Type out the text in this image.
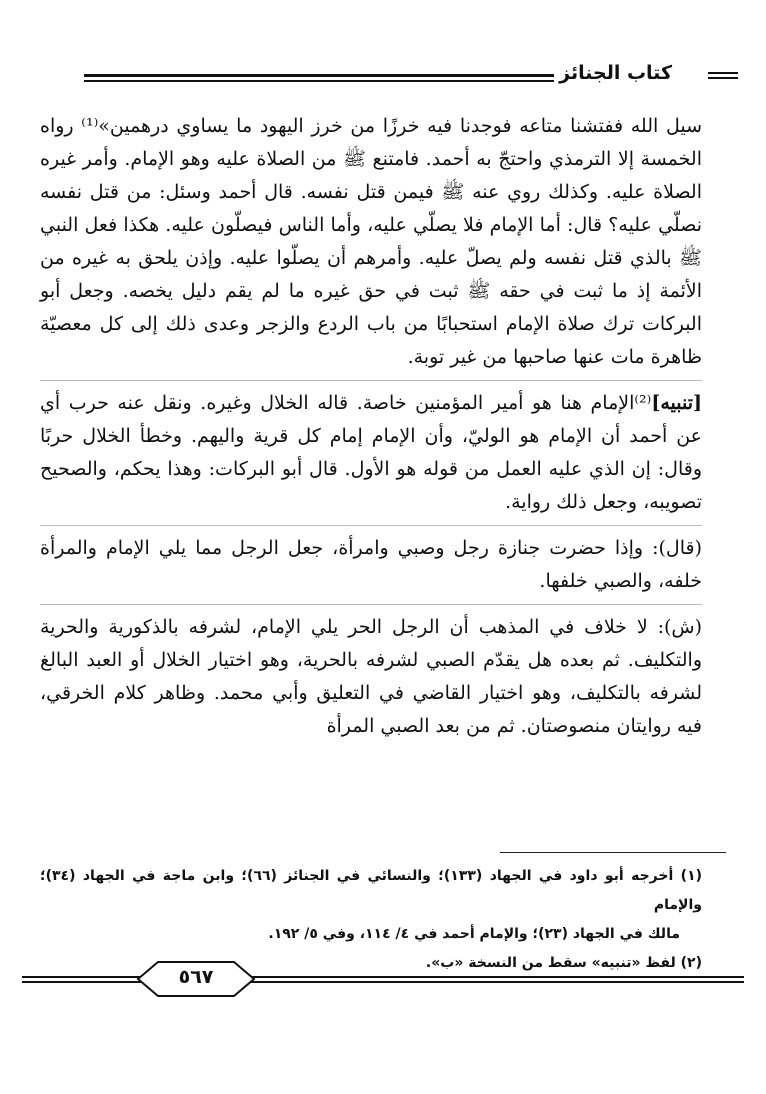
كتاب الجنائز

سيل الله ففتشنا متاعه فوجدنا فيه خرزًا من خرز اليهود ما يساوي درهمين»⁽¹⁾ رواه الخمسة إلا الترمذي واحتجّ به أحمد. فامتنع ﷺ من الصلاة عليه وهو الإمام. وأمر غيره الصلاة عليه. وكذلك روي عنه ﷺ فيمن قتل نفسه. قال أحمد وسئل: من قتل نفسه نصلّي عليه؟ قال: أما الإمام فلا يصلّي عليه، وأما الناس فيصلّون عليه. هكذا فعل النبي ﷺ بالذي قتل نفسه ولم يصلّ عليه. وأمرهم أن يصلّوا عليه. وإذن يلحق به غيره من الأئمة إذ ما ثبت في حقه ﷺ ثبت في حق غيره ما لم يقم دليل يخصه. وجعل أبو البركات ترك صلاة الإمام استحبابًا من باب الردع والزجر وعدى ذلك إلى كل معصيّة ظاهرة مات عنها صاحبها من غير توبة.

[تنبيه]⁽²⁾الإمام هنا هو أمير المؤمنين خاصة. قاله الخلال وغيره. ونقل عنه حرب أي عن أحمد أن الإمام هو الوليّ، وأن الإمام إمام كل قرية واليهم. وخطأ الخلال حربًا وقال: إن الذي عليه العمل من قوله هو الأول. قال أبو البركات: وهذا يحكم، والصحيح تصويبه، وجعل ذلك رواية.

(قال): وإذا حضرت جنازة رجل وصبي وامرأة، جعل الرجل مما يلي الإمام والمرأة خلفه، والصبي خلفها.

(ش): لا خلاف في المذهب أن الرجل الحر يلي الإمام، لشرفه بالذكورية والحرية والتكليف. ثم بعده هل يقدّم الصبي لشرفه بالحرية، وهو اختيار الخلال أو العبد البالغ لشرفه بالتكليف، وهو اختيار القاضي في التعليق وأبي محمد. وظاهر كلام الخرقي، فيه روايتان منصوصتان. ثم من بعد الصبي المرأة

(١) أخرجه أبو داود في الجهاد (١٣٣)؛ والنسائي في الجنائز (٦٦)؛ وابن ماجة في الجهاد (٣٤)؛ والإمام

مالك في الجهاد (٢٣)؛ والإمام أحمد في ٤/ ١١٤، وفي ٥/ ١٩٢.

(٢) لفظ «تنبيه» سقط من النسخة «ب».

٥٦٧
